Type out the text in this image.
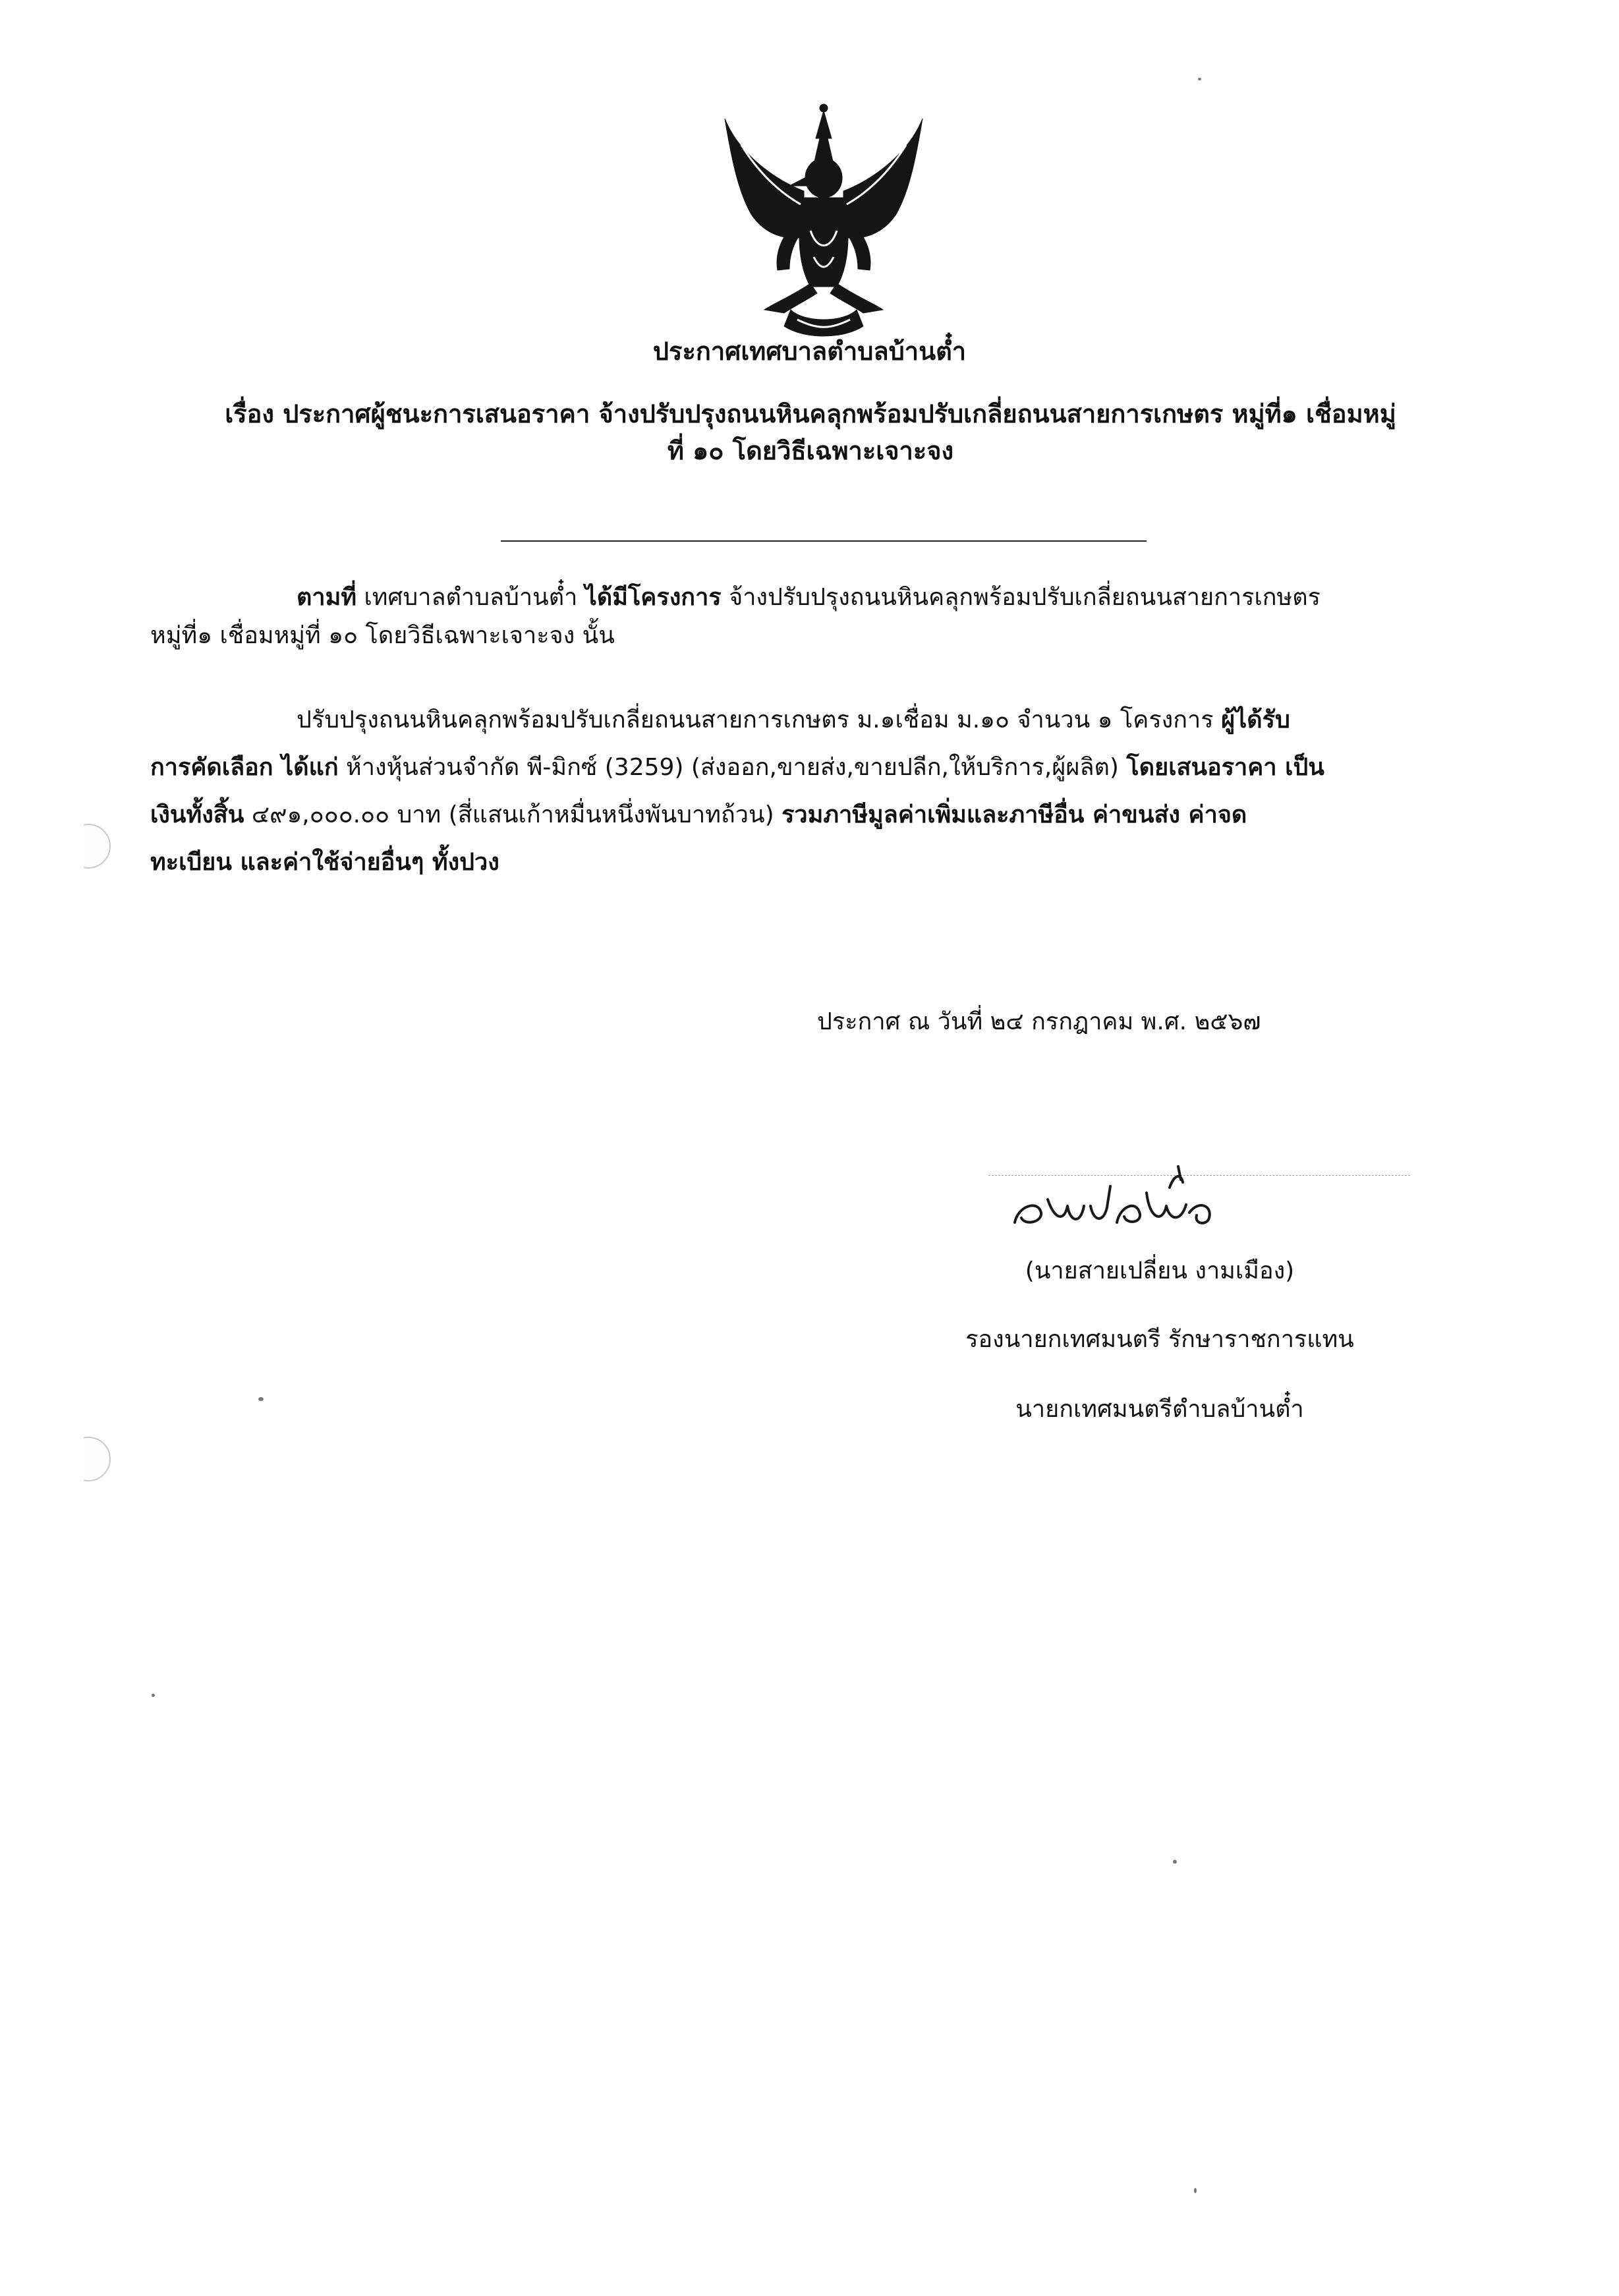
ประกาศเทศบาลตำบลบ้านต๋ำ
เรื่อง ประกาศผู้ชนะการเสนอราคา จ้างปรับปรุงถนนหินคลุกพร้อมปรับเกลี่ยถนนสายการเกษตร หมู่ที่๑ เชื่อมหมู่
ที่ ๑๐ โดยวิธีเฉพาะเจาะจง
ตามที่ เทศบาลตำบลบ้านต๋ำ ได้มีโครงการ จ้างปรับปรุงถนนหินคลุกพร้อมปรับเกลี่ยถนนสายการเกษตร
หมู่ที่๑ เชื่อมหมู่ที่ ๑๐ โดยวิธีเฉพาะเจาะจง นั้น
ปรับปรุงถนนหินคลุกพร้อมปรับเกลี่ยถนนสายการเกษตร ม.๑เชื่อม ม.๑๐ จำนวน ๑ โครงการ ผู้ได้รับ
การคัดเลือก ได้แก่ ห้างหุ้นส่วนจำกัด พี-มิกซ์ (3259) (ส่งออก,ขายส่ง,ขายปลีก,ให้บริการ,ผู้ผลิต) โดยเสนอราคา เป็น
เงินทั้งสิ้น ๔๙๑,๐๐๐.๐๐ บาท (สี่แสนเก้าหมื่นหนึ่งพันบาทถ้วน) รวมภาษีมูลค่าเพิ่มและภาษีอื่น ค่าขนส่ง ค่าจด
ทะเบียน และค่าใช้จ่ายอื่นๆ ทั้งปวง
ประกาศ ณ วันที่ ๒๔ กรกฎาคม พ.ศ. ๒๕๖๗
(นายสายเปลี่ยน งามเมือง)
รองนายกเทศมนตรี รักษาราชการแทน
นายกเทศมนตรีตำบลบ้านต๋ำ
